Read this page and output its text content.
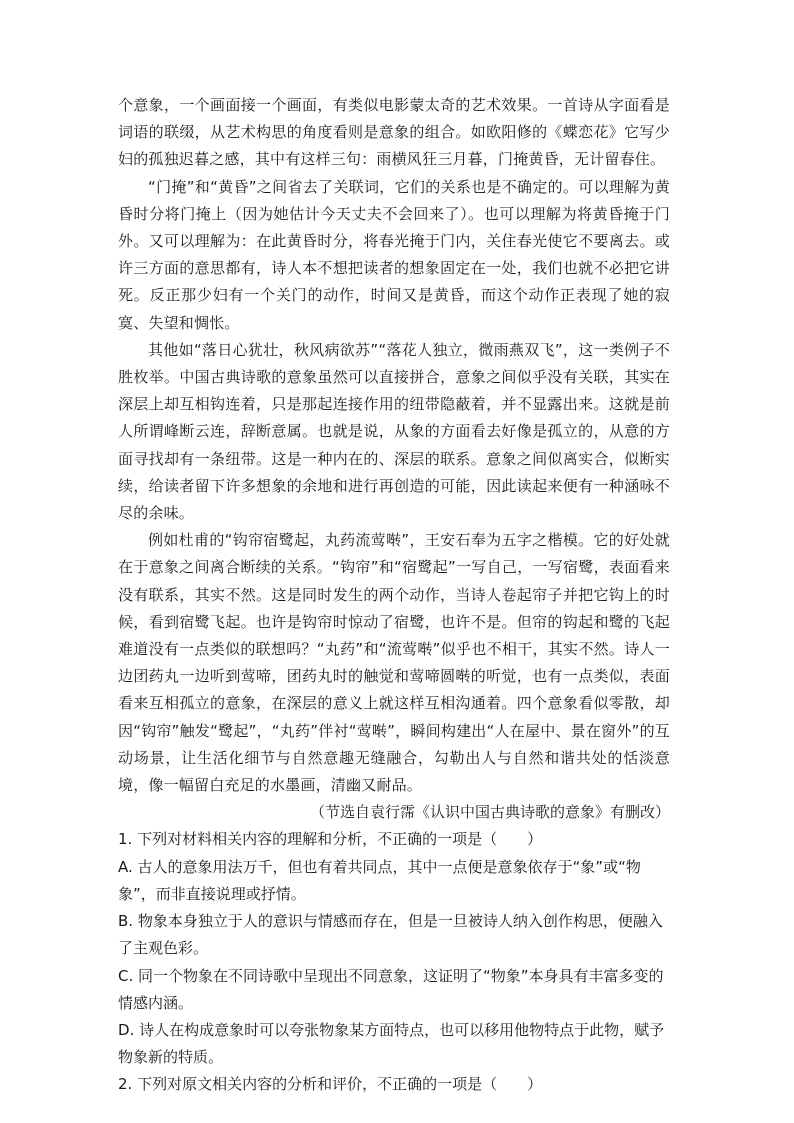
个意象，一个画面接一个画面，有类似电影蒙太奇的艺术效果。一首诗从字面看是词语的联缀，从艺术构思的角度看则是意象的组合。如欧阳修的《蝶恋花》它写少妇的孤独迟暮之感，其中有这样三句：雨横风狂三月暮，门掩黄昏，无计留春住。

“门掩”和“黄昏”之间省去了关联词，它们的关系也是不确定的。可以理解为黄昏时分将门掩上（因为她估计今天丈夫不会回来了）。也可以理解为将黄昏掩于门外。又可以理解为：在此黄昏时分，将春光掩于门内，关住春光使它不要离去。或许三方面的意思都有，诗人本不想把读者的想象固定在一处，我们也就不必把它讲死。反正那少妇有一个关门的动作，时间又是黄昏，而这个动作正表现了她的寂寞、失望和惆怅。

其他如“落日心犹壮，秋风病欲苏”“落花人独立，微雨燕双飞”，这一类例子不胜枚举。中国古典诗歌的意象虽然可以直接拼合，意象之间似乎没有关联，其实在深层上却互相钩连着，只是那起连接作用的纽带隐蔽着，并不显露出来。这就是前人所谓峰断云连，辞断意属。也就是说，从象的方面看去好像是孤立的，从意的方面寻找却有一条纽带。这是一种内在的、深层的联系。意象之间似离实合，似断实续，给读者留下许多想象的余地和进行再创造的可能，因此读起来便有一种涵咏不尽的余味。

例如杜甫的“钩帘宿鹭起，丸药流莺啭”，王安石奉为五字之楷模。它的好处就在于意象之间离合断续的关系。“钩帘”和“宿鹭起”一写自己，一写宿鹭，表面看来没有联系，其实不然。这是同时发生的两个动作，当诗人卷起帘子并把它钩上的时候，看到宿鹭飞起。也许是钩帘时惊动了宿鹭，也许不是。但帘的钩起和鹭的飞起难道没有一点类似的联想吗？“丸药”和“流莺啭”似乎也不相干，其实不然。诗人一边团药丸一边听到莺啼，团药丸时的触觉和莺啼圆啭的听觉，也有一点类似，表面看来互相孤立的意象，在深层的意义上就这样互相沟通着。四个意象看似零散，却因“钩帘”触发“鹭起”，“丸药”伴衬“莺啭”，瞬间构建出“人在屋中、景在窗外”的互动场景，让生活化细节与自然意趣无缝融合，勾勒出人与自然和谐共处的恬淡意境，像一幅留白充足的水墨画，清幽又耐品。

（节选自袁行霈《认识中国古典诗歌的意象》有删改）

1. 下列对材料相关内容的理解和分析，不正确的一项是（　　）

A. 古人的意象用法万千，但也有着共同点，其中一点便是意象依存于“象”或“物象”，而非直接说理或抒情。

B. 物象本身独立于人的意识与情感而存在，但是一旦被诗人纳入创作构思，便融入了主观色彩。

C. 同一个物象在不同诗歌中呈现出不同意象，这证明了“物象”本身具有丰富多变的情感内涵。

D. 诗人在构成意象时可以夸张物象某方面特点，也可以移用他物特点于此物，赋予物象新的特质。

2. 下列对原文相关内容的分析和评价，不正确的一项是（　　）
